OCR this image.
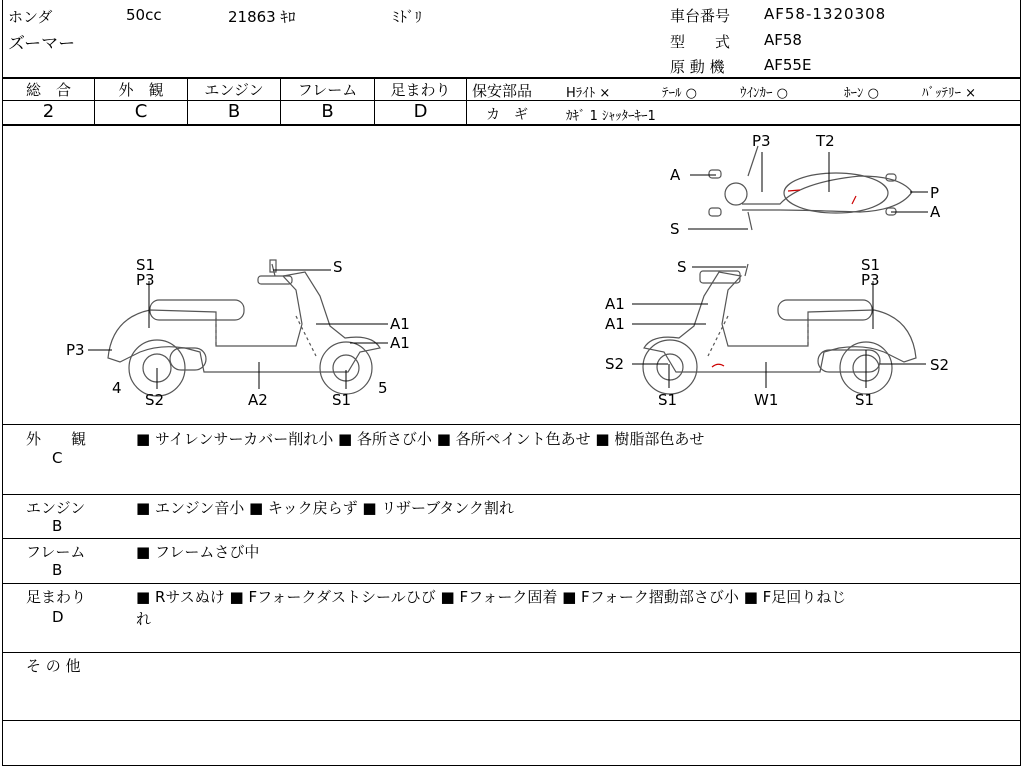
ホンダ	50cc	21863 ｷﾛ	ﾐﾄﾞﾘ
ズーマー
車台番号 AF58-1320308
型　　式 AF58
原 動 機	AF55E
総　合	外　観	エンジン	フレーム	足まわり
2	C	B	B	D
保安部品	Hﾗｲﾄ ×	ﾃｰﾙ ○	ｳｲﾝｶｰ ○	ﾎｰﾝ ○	ﾊﾞｯﾃﾘｰ ×
カ　ギ	ｶｷﾞ 1 ｼｬｯﾀｰｷｰ1
S1
P3
S
A1
A1
P3
4
S2	A2	S1
5
S	S1
P3
A1
A1
S2	S2
S1	W1	S1
P3	T2
A
P
A
S
外　　観
C
■ サイレンサーカバー削れ小 ■ 各所さび小 ■ 各所ペイント色あせ ■ 樹脂部色あせ
エンジン
B
■ エンジン音小 ■ キック戻らず ■ リザーブタンク割れ
フレーム
B
■ フレームさび中
足まわり
D
■ Rサスぬけ ■ Fフォークダストシールひび ■ Fフォーク固着 ■ Fフォーク摺動部さび小 ■ F足回りねじ
れ
そ の 他
